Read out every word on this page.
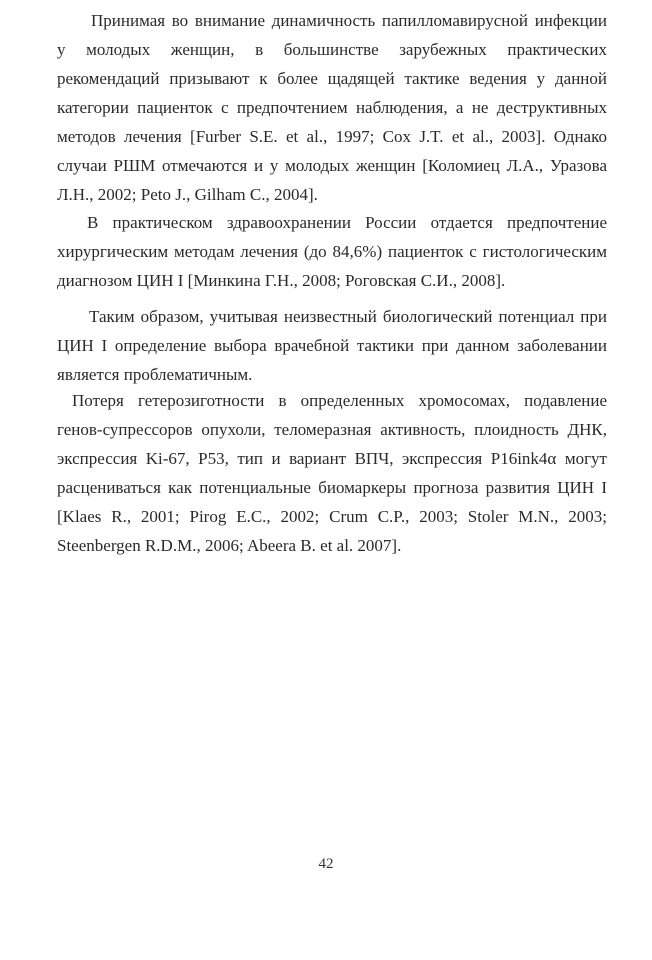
Принимая во внимание динамичность папилломавирусной инфекции у молодых женщин, в большинстве зарубежных практических рекомендаций призывают к более щадящей тактике ведения у данной категории пациенток с предпочтением наблюдения, а не деструктивных методов лечения [Furber S.E. et al., 1997; Cox J.T. et al., 2003]. Однако случаи РШМ отмечаются и у молодых женщин [Коломиец Л.А., Уразова Л.Н., 2002; Peto J., Gilham C., 2004].

В практическом здравоохранении России отдается предпочтение хирургическим методам лечения (до 84,6%) пациенток с гистологическим диагнозом ЦИН I [Минкина Г.Н., 2008; Роговская С.И., 2008].

Таким образом, учитывая неизвестный биологический потенциал при ЦИН I определение выбора врачебной тактики при данном заболевании является проблематичным.

Потеря гетерозиготности в определенных хромосомах, подавление генов-супрессоров опухоли, теломеразная активность, плоидность ДНК, экспрессия Ki-67, P53, тип и вариант ВПЧ, экспрессия P16ink4α могут расцениваться как потенциальные биомаркеры прогноза развития ЦИН I [Klaes R., 2001; Pirog E.C., 2002; Crum C.P., 2003; Stoler M.N., 2003; Steenbergen R.D.M., 2006; Abeera B. et al. 2007].

42
